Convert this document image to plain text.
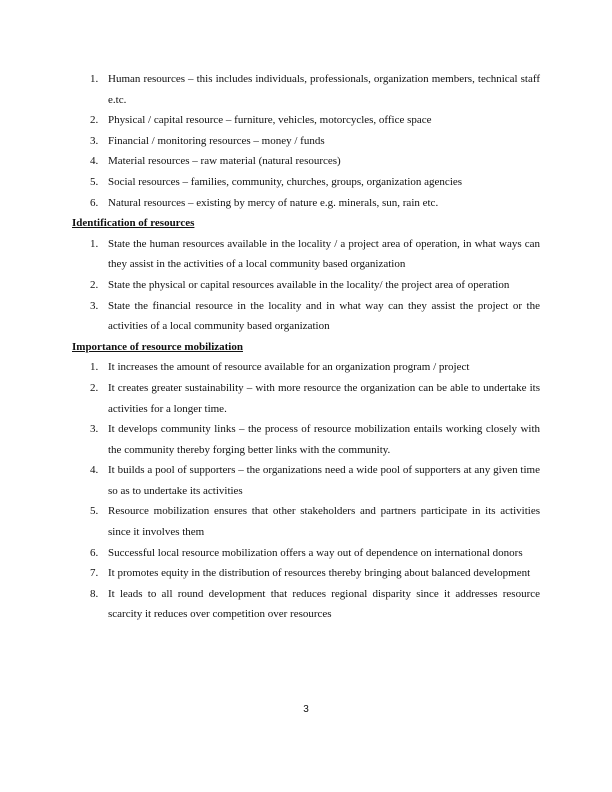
1. Human resources – this includes individuals, professionals, organization members, technical staff e.tc.
2. Physical / capital resource – furniture, vehicles, motorcycles, office space
3. Financial / monitoring resources – money / funds
4. Material resources – raw material (natural resources)
5. Social resources – families, community, churches, groups, organization agencies
6. Natural resources – existing by mercy of nature e.g. minerals, sun, rain etc.
Identification of resources
1. State the human resources available in the locality / a project area of operation, in what ways can they assist in the activities of a local community based organization
2. State the physical or capital resources available in the locality/ the project area of operation
3. State the financial resource in the locality and in what way can they assist the project or the activities of a local community based organization
Importance of resource mobilization
1. It increases the amount of resource available for an organization program / project
2. It creates greater sustainability – with more resource the organization can be able to undertake its activities for a longer time.
3. It develops community links – the process of resource mobilization entails working closely with the community thereby forging better links with the community.
4. It builds a pool of supporters – the organizations need a wide pool of supporters at any given time so as to undertake its activities
5. Resource mobilization ensures that other stakeholders and partners participate in its activities since it involves them
6. Successful local resource mobilization offers a way out of dependence on international donors
7. It promotes equity in the distribution of resources thereby bringing about balanced development
8. It leads to all round development that reduces regional disparity since it addresses resource scarcity it reduces over competition over resources
3
